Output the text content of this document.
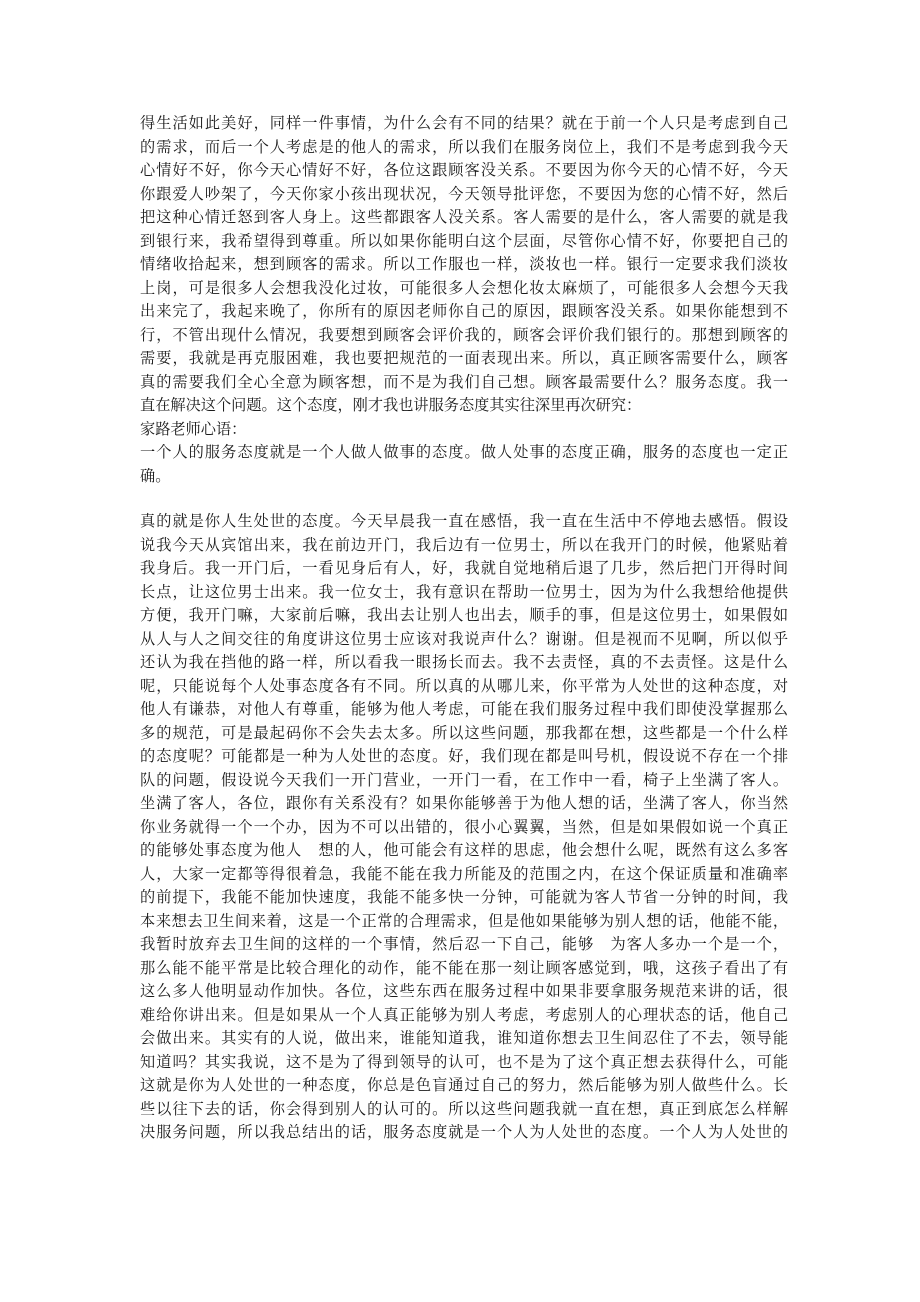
得生活如此美好，同样一件事情，为什么会有不同的结果？就在于前一个人只是考虑到自己
的需求，而后一个人考虑是的他人的需求，所以我们在服务岗位上，我们不是考虑到我今天
心情好不好，你今天心情好不好，各位这跟顾客没关系。不要因为你今天的心情不好，今天
你跟爱人吵架了，今天你家小孩出现状况，今天领导批评您，不要因为您的心情不好，然后
把这种心情迁怒到客人身上。这些都跟客人没关系。客人需要的是什么，客人需要的就是我
到银行来，我希望得到尊重。所以如果你能明白这个层面，尽管你心情不好，你要把自己的
情绪收拾起来，想到顾客的需求。所以工作服也一样，淡妆也一样。银行一定要求我们淡妆
上岗，可是很多人会想我没化过妆，可能很多人会想化妆太麻烦了，可能很多人会想今天我
出来完了，我起来晚了，你所有的原因老师你自己的原因，跟顾客没关系。如果你能想到不
行，不管出现什么情况，我要想到顾客会评价我的，顾客会评价我们银行的。那想到顾客的
需要，我就是再克服困难，我也要把规范的一面表现出来。所以，真正顾客需要什么，顾客
真的需要我们全心全意为顾客想，而不是为我们自己想。顾客最需要什么？服务态度。我一
直在解决这个问题。这个态度，刚才我也讲服务态度其实往深里再次研究：
家路老师心语：
一个人的服务态度就是一个人做人做事的态度。做人处事的态度正确，服务的态度也一定正
确。
真的就是你人生处世的态度。今天早晨我一直在感悟，我一直在生活中不停地去感悟。假设
说我今天从宾馆出来，我在前边开门，我后边有一位男士，所以在我开门的时候，他紧贴着
我身后。我一开门后，一看见身后有人，好，我就自觉地稍后退了几步，然后把门开得时间
长点，让这位男士出来。我一位女士，我有意识在帮助一位男士，因为为什么我想给他提供
方便，我开门嘛，大家前后嘛，我出去让别人也出去，顺手的事，但是这位男士，如果假如
从人与人之间交往的角度讲这位男士应该对我说声什么？谢谢。但是视而不见啊，所以似乎
还认为我在挡他的路一样，所以看我一眼扬长而去。我不去责怪，真的不去责怪。这是什么
呢，只能说每个人处事态度各有不同。所以真的从哪儿来，你平常为人处世的这种态度，对
他人有谦恭，对他人有尊重，能够为他人考虑，可能在我们服务过程中我们即使没掌握那么
多的规范，可是最起码你不会失去太多。所以这些问题，那我都在想，这些都是一个什么样
的态度呢？可能都是一种为人处世的态度。好，我们现在都是叫号机，假设说不存在一个排
队的问题，假设说今天我们一开门营业，一开门一看，在工作中一看，椅子上坐满了客人。
坐满了客人，各位，跟你有关系没有？如果你能够善于为他人想的话，坐满了客人，你当然
你业务就得一个一个办，因为不可以出错的，很小心翼翼，当然，但是如果假如说一个真正
的能够处事态度为他人　想的人，他可能会有这样的思虑，他会想什么呢，既然有这么多客
人，大家一定都等得很着急，我能不能在我力所能及的范围之内，在这个保证质量和准确率
的前提下，我能不能加快速度，我能不能多快一分钟，可能就为客人节省一分钟的时间，我
本来想去卫生间来着，这是一个正常的合理需求，但是他如果能够为别人想的话，他能不能，
我暂时放弃去卫生间的这样的一个事情，然后忍一下自己，能够　为客人多办一个是一个，
那么能不能平常是比较合理化的动作，能不能在那一刻让顾客感觉到，哦，这孩子看出了有
这么多人他明显动作加快。各位，这些东西在服务过程中如果非要拿服务规范来讲的话，很
难给你讲出来。但是如果从一个人真正能够为别人考虑，考虑别人的心理状态的话，他自己
会做出来。其实有的人说，做出来，谁能知道我，谁知道你想去卫生间忍住了不去，领导能
知道吗？其实我说，这不是为了得到领导的认可，也不是为了这个真正想去获得什么，可能
这就是你为人处世的一种态度，你总是色盲通过自己的努力，然后能够为别人做些什么。长
些以往下去的话，你会得到别人的认可的。所以这些问题我就一直在想，真正到底怎么样解
决服务问题，所以我总结出的话，服务态度就是一个人为人处世的态度。一个人为人处世的
